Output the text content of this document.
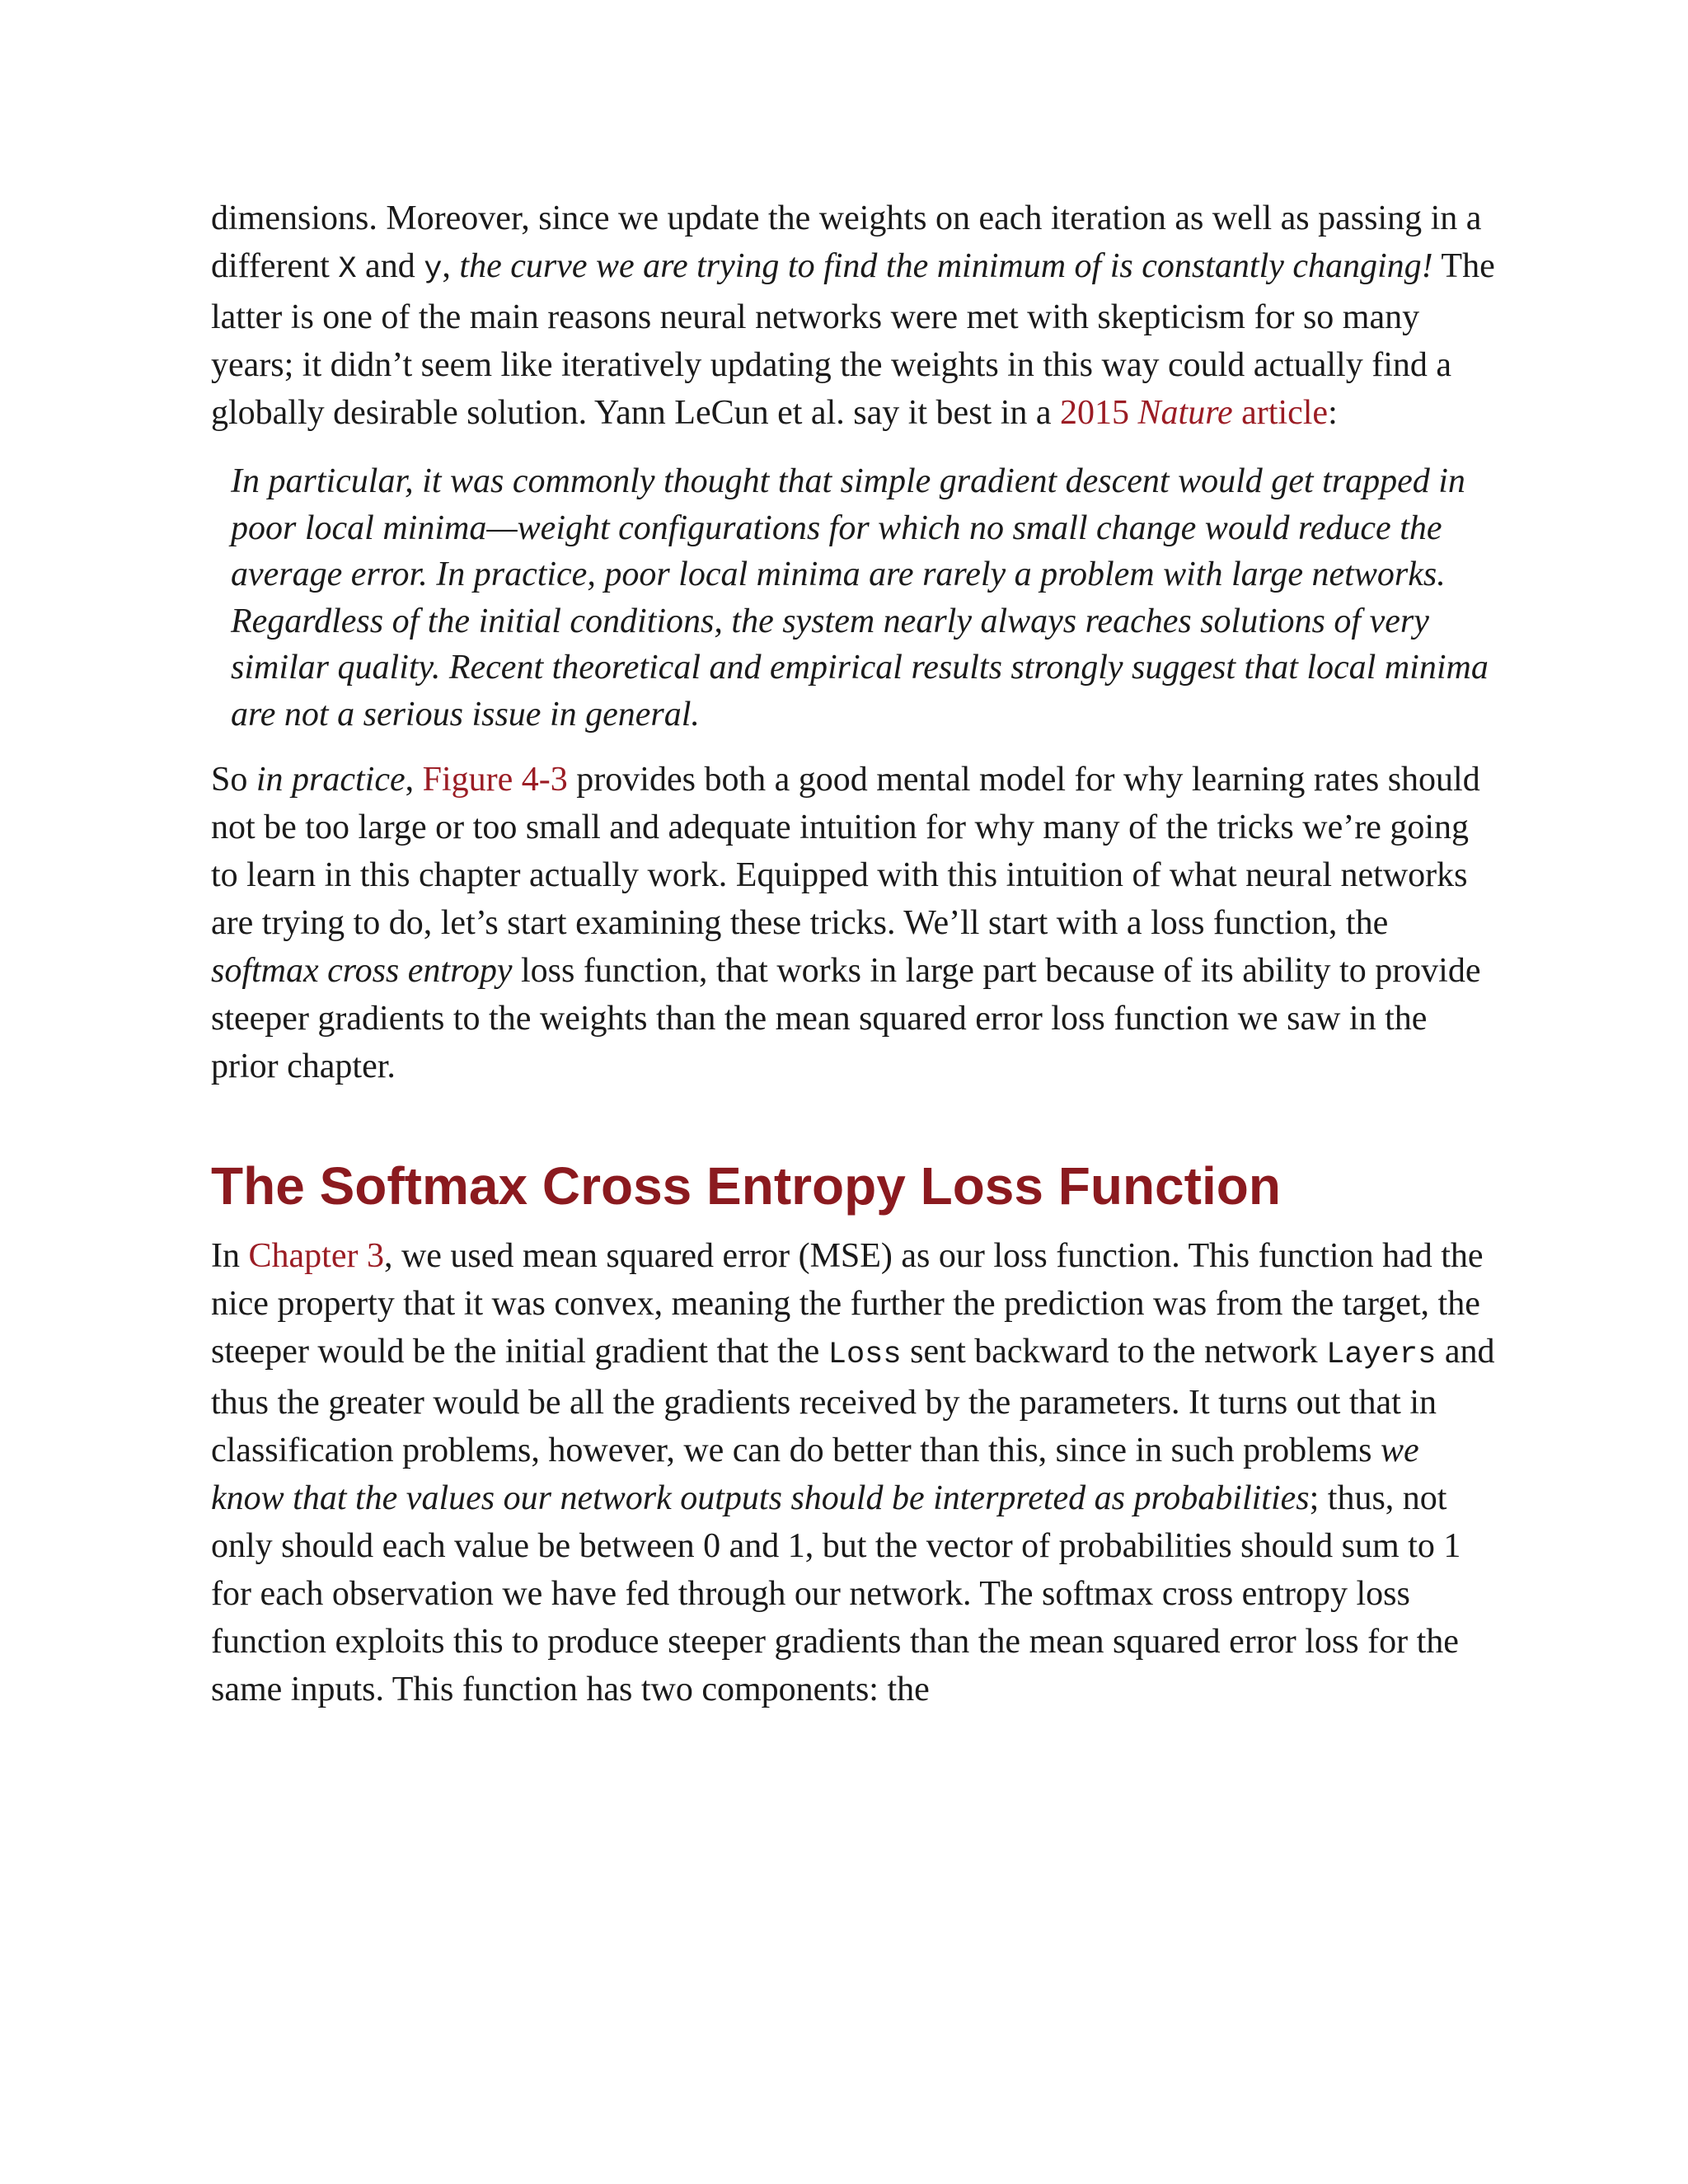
dimensions. Moreover, since we update the weights on each iteration as well as passing in a different X and y, the curve we are trying to find the minimum of is constantly changing! The latter is one of the main reasons neural networks were met with skepticism for so many years; it didn’t seem like iteratively updating the weights in this way could actually find a globally desirable solution. Yann LeCun et al. say it best in a 2015 Nature article:

In particular, it was commonly thought that simple gradient descent would get trapped in poor local minima—weight configurations for which no small change would reduce the average error. In practice, poor local minima are rarely a problem with large networks. Regardless of the initial conditions, the system nearly always reaches solutions of very similar quality. Recent theoretical and empirical results strongly suggest that local minima are not a serious issue in general.

So in practice, Figure 4-3 provides both a good mental model for why learning rates should not be too large or too small and adequate intuition for why many of the tricks we’re going to learn in this chapter actually work. Equipped with this intuition of what neural networks are trying to do, let’s start examining these tricks. We’ll start with a loss function, the softmax cross entropy loss function, that works in large part because of its ability to provide steeper gradients to the weights than the mean squared error loss function we saw in the prior chapter.

The Softmax Cross Entropy Loss Function

In Chapter 3, we used mean squared error (MSE) as our loss function. This function had the nice property that it was convex, meaning the further the prediction was from the target, the steeper would be the initial gradient that the Loss sent backward to the network Layers and thus the greater would be all the gradients received by the parameters. It turns out that in classification problems, however, we can do better than this, since in such problems we know that the values our network outputs should be interpreted as probabilities; thus, not only should each value be between 0 and 1, but the vector of probabilities should sum to 1 for each observation we have fed through our network. The softmax cross entropy loss function exploits this to produce steeper gradients than the mean squared error loss for the same inputs. This function has two components: the
